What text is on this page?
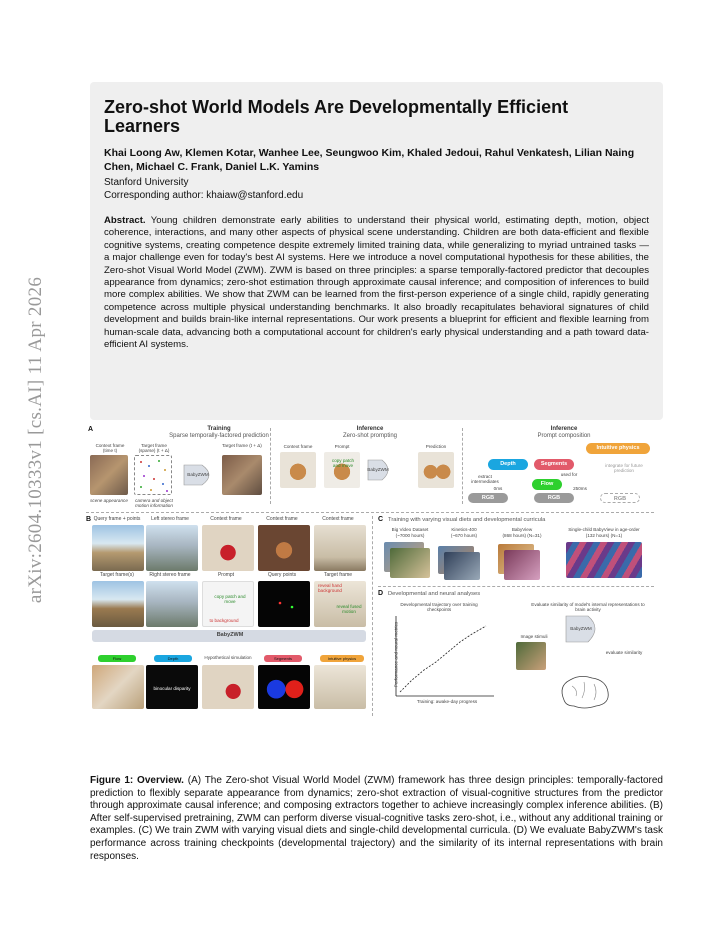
arXiv:2604.10333v1 [cs.AI] 11 Apr 2026
Zero-shot World Models Are Developmentally Efficient Learners
Khai Loong Aw, Klemen Kotar, Wanhee Lee, Seungwoo Kim, Khaled Jedoui, Rahul Venkatesh, Lilian Naing Chen, Michael C. Frank, Daniel L.K. Yamins
Stanford University
Corresponding author: khaiaw@stanford.edu
Abstract. Young children demonstrate early abilities to understand their physical world, estimating depth, motion, object coherence, interactions, and many other aspects of physical scene understanding. Children are both data-efficient and flexible cognitive systems, creating competence despite extremely limited training data, while generalizing to myriad untrained tasks — a major challenge even for today's best AI systems. Here we introduce a novel computational hypothesis for these abilities, the Zero-shot Visual World Model (ZWM). ZWM is based on three principles: a sparse temporally-factored predictor that decouples appearance from dynamics; zero-shot estimation through approximate causal inference; and composition of inferences to build more complex abilities. We show that ZWM can be learned from the first-person experience of a single child, rapidly generating competence across multiple physical understanding benchmarks. It also broadly recapitulates behavioral signatures of child development and builds brain-like internal representations. Our work presents a blueprint for efficient and flexible learning from human-scale data, advancing both a computational account for children's early physical understanding and a path toward data-efficient AI systems.
A	Training
Sparse temporally-factored prediction
Context frame (time t)
Target frame (sparse) (t + Δ)
Target frame (t + Δ)
scene appearance	camera and object motion information
BabyZWM
Inference
Zero-shot prompting
Context frame	Prompt	Prediction
copy patch and move
BabyZWM
Inference
Prompt composition
Intuitive physics
Depth	Segments
used for
Flow
extract intermediates
0ms	250ms
RGB	RGB	RGB
integrate for future prediction
B Query frame + points	Left stereo frame	Context frame	Context frame	Context frame
Target frame(s)	Right stereo frame	Prompt	Query points	Target frame
copy patch and move
to background
reveal hand background
reveal fused motion
BabyZWM
Flow	Depth	Hypothetical simulation	Segments	Intuitive physics
binocular disparity
C Training with varying visual diets and developmental curricula
Big Video Dataset
(~7000 hours)
Kinetics-400
(~670 hours)
BabyView
(868 hours) (N=31)
Single-child BabyView in age-order
(132 hours) (N=1)
D Developmental and neural analyses
Developmental trajectory over training checkpoints
Performance and neural metrics
Training: awake-day progress
Evaluate similarity of model's internal representations to brain activity
Image stimuli
BabyZWM
evaluate similarity
Figure 1: Overview. (A) The Zero-shot Visual World Model (ZWM) framework has three design principles: temporally-factored prediction to flexibly separate appearance from dynamics; zero-shot extraction of visual-cognitive structures from the predictor through approximate causal inference; and composing extractors together to achieve increasingly complex inference abilities. (B) After self-supervised pretraining, ZWM can perform diverse visual-cognitive tasks zero-shot, i.e., without any additional training or examples. (C) We train ZWM with varying visual diets and single-child developmental curricula. (D) We evaluate BabyZWM's task performance across training checkpoints (developmental trajectory) and the similarity of its internal representations with brain responses.
